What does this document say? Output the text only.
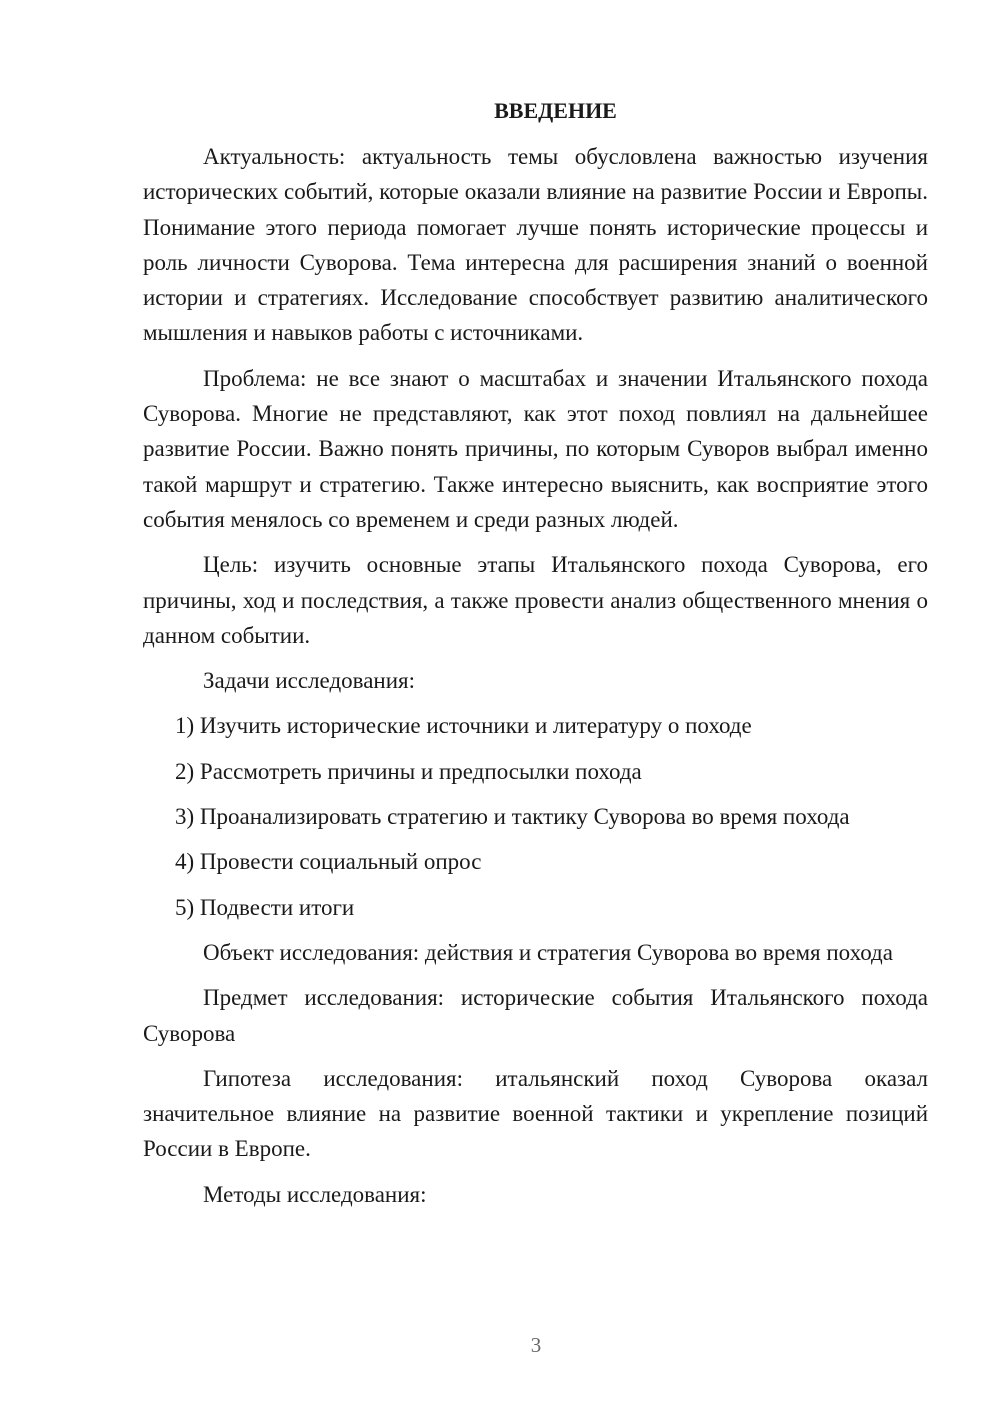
ВВЕДЕНИЕ

Актуальность: актуальность темы обусловлена важностью изучения исторических событий, которые оказали влияние на развитие России и Европы. Понимание этого периода помогает лучше понять исторические процессы и роль личности Суворова. Тема интересна для расширения знаний о военной истории и стратегиях. Исследование способствует развитию аналитического мышления и навыков работы с источниками.

Проблема: не все знают о масштабах и значении Итальянского похода Суворова. Многие не представляют, как этот поход повлиял на дальнейшее развитие России. Важно понять причины, по которым Суворов выбрал именно такой маршрут и стратегию. Также интересно выяснить, как восприятие этого события менялось со временем и среди разных людей.

Цель: изучить основные этапы Итальянского похода Суворова, его причины, ход и последствия, а также провести анализ общественного мнения о данном событии.

Задачи исследования:

1) Изучить исторические источники и литературу о походе

2) Рассмотреть причины и предпосылки похода

3) Проанализировать стратегию и тактику Суворова во время похода

4) Провести социальный опрос

5) Подвести итоги

Объект исследования: действия и стратегия Суворова во время похода

Предмет исследования: исторические события Итальянского похода Суворова

Гипотеза исследования: итальянский поход Суворова оказал значительное влияние на развитие военной тактики и укрепление позиций России в Европе.

Методы исследования:

3
